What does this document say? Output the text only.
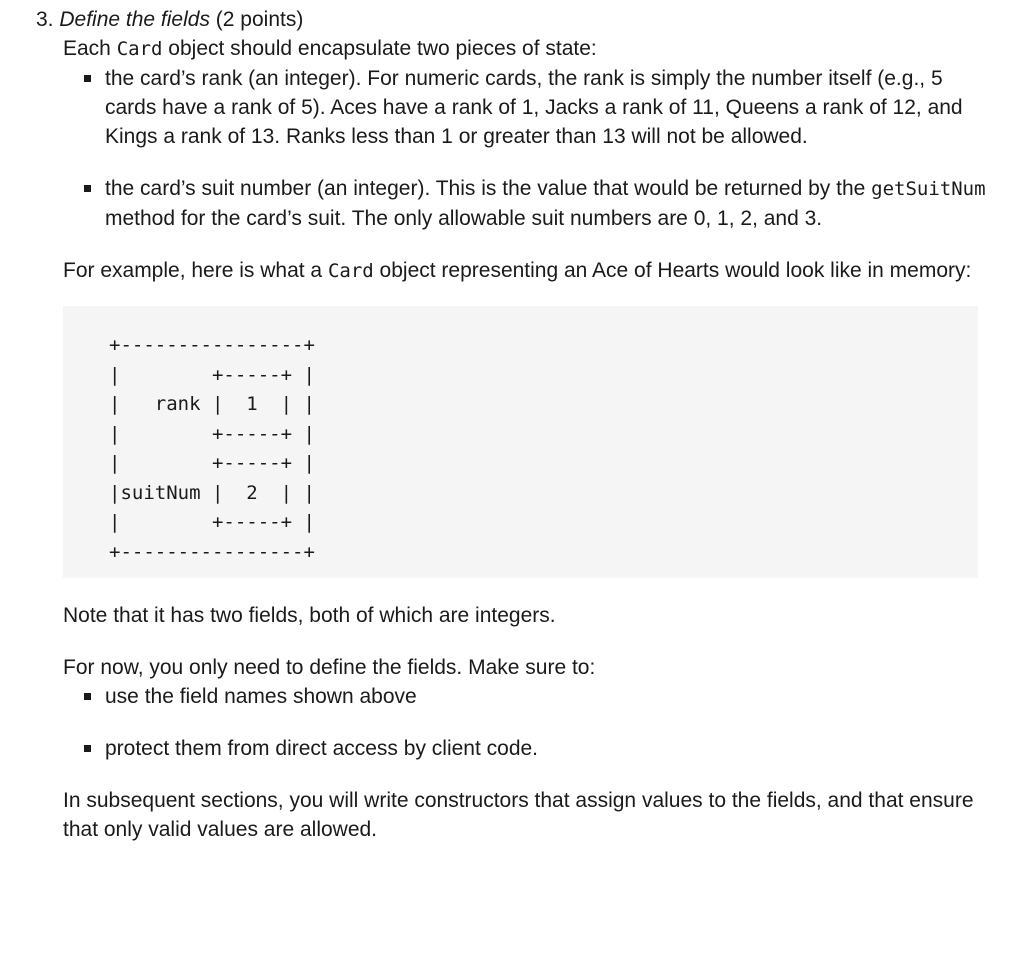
3. Define the fields (2 points)

Each Card object should encapsulate two pieces of state:

the card’s rank (an integer). For numeric cards, the rank is simply the number itself (e.g., 5 cards have a rank of 5). Aces have a rank of 1, Jacks a rank of 11, Queens a rank of 12, and Kings a rank of 13. Ranks less than 1 or greater than 13 will not be allowed.
the card’s suit number (an integer). This is the value that would be returned by the getSuitNum method for the card’s suit. The only allowable suit numbers are 0, 1, 2, and 3.

For example, here is what a Card object representing an Ace of Hearts would look like in memory:

+----------------+
|        +-----+ |
|   rank |  1  | |
|        +-----+ |
|        +-----+ |
|suitNum |  2  | |
|        +-----+ |
+----------------+

Note that it has two fields, both of which are integers.

For now, you only need to define the fields. Make sure to:

use the field names shown above
protect them from direct access by client code.

In subsequent sections, you will write constructors that assign values to the fields, and that ensure that only valid values are allowed.
